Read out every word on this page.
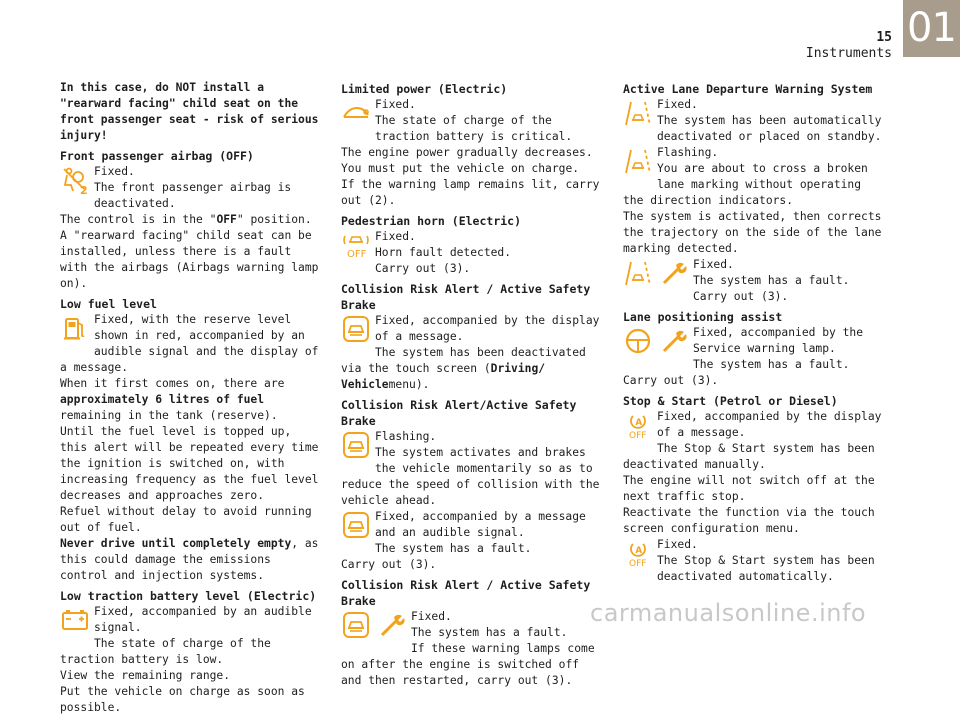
15
Instruments
01

In this case, do NOT install a "rearward facing" child seat on the front passenger seat - risk of serious injury!

Front passenger airbag (OFF)
2

Fixed.

The front passenger airbag is deactivated.

The control is in the "OFF" position.

A "rearward facing" child seat can be installed, unless there is a fault with the airbags (Airbags warning lamp on).

Low fuel level

Fixed, with the reserve level shown in red, accompanied by an audible signal and the display of a message.

When it first comes on, there are approximately 6 litres of fuel remaining in the tank (reserve).

Until the fuel level is topped up, this alert will be repeated every time the ignition is switched on, with increasing frequency as the fuel level decreases and approaches zero.

Refuel without delay to avoid running out of fuel.

Never drive until completely empty, as this could damage the emissions control and injection systems.

Low traction battery level (Electric)

Fixed, accompanied by an audible signal.

The state of charge of the traction battery is low.

View the remaining range.

Put the vehicle on charge as soon as possible.

Limited power (Electric)

Fixed.

The state of charge of the traction battery is critical.

The engine power gradually decreases.

You must put the vehicle on charge.

If the warning lamp remains lit, carry out (2).

Pedestrian horn (Electric)
OFF

Fixed.

Horn fault detected.

Carry out (3).

Collision Risk Alert / Active Safety Brake

Fixed, accompanied by the display of a message.

The system has been deactivated via the touch screen (Driving/ Vehiclemenu).

Collision Risk Alert/Active Safety Brake

Flashing.

The system activates and brakes the vehicle momentarily so as to reduce the speed of collision with the vehicle ahead.

Fixed, accompanied by a message and an audible signal.

The system has a fault.

Carry out (3).

Collision Risk Alert / Active Safety Brake

Fixed.

The system has a fault.

If these warning lamps come on after the engine is switched off and then restarted, carry out (3).

Active Lane Departure Warning System

Fixed.

The system has been automatically deactivated or placed on standby.

Flashing.

You are about to cross a broken lane marking without operating the direction indicators.

The system is activated, then corrects the trajectory on the side of the lane marking detected.

Fixed.

The system has a fault.

Carry out (3).

Lane positioning assist

Fixed, accompanied by the Service warning lamp.

The system has a fault.

Carry out (3).

Stop & Start (Petrol or Diesel)
A
OFF

Fixed, accompanied by the display of a message.

The Stop & Start system has been deactivated manually.

The engine will not switch off at the next traffic stop.

Reactivate the function via the touch screen configuration menu.

A
OFF

Fixed.

The Stop & Start system has been deactivated automatically.

carmanualsonline.info
